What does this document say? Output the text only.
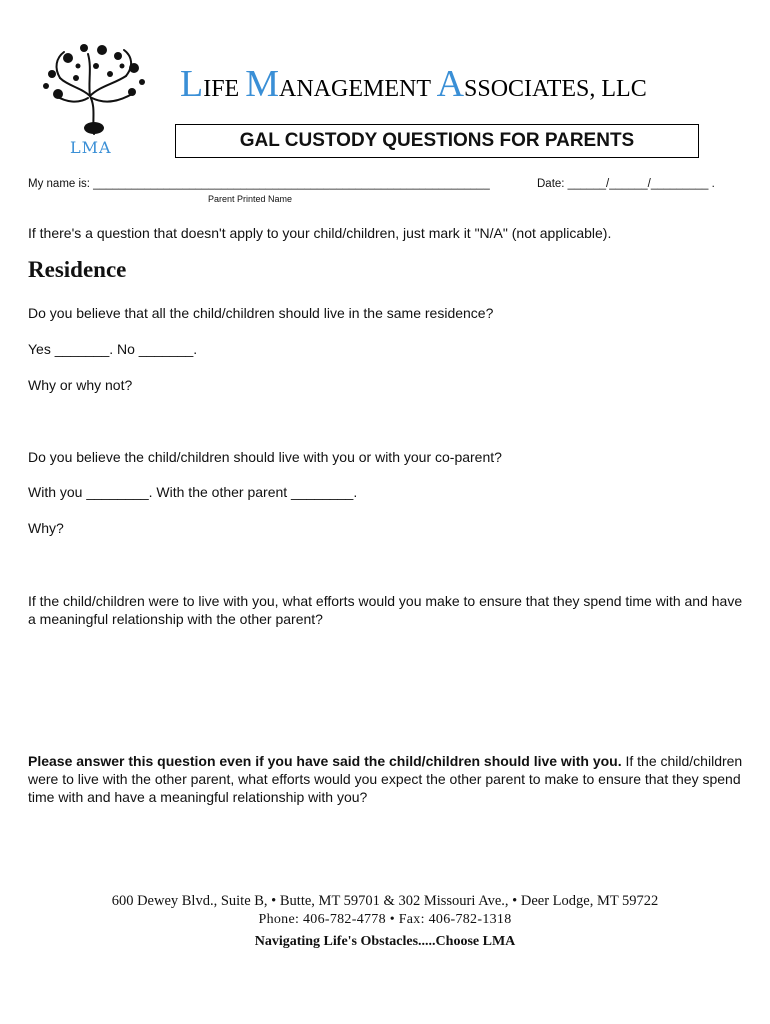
LMA
LIFE MANAGEMENT ASSOCIATES, LLC
GAL CUSTODY QUESTIONS FOR PARENTS
My name is: ______________________________________________________________
Parent Printed Name
Date: ______/______/_________ .
If there's a question that doesn't apply to your child/children, just mark it "N/A" (not applicable).
Residence
Do you believe that all the child/children should live in the same residence?
Yes _______. No _______.
Why or why not?
Do you believe the child/children should live with you or with your co-parent?
With you ________. With the other parent ________.
Why?
If the child/children were to live with you, what efforts would you make to ensure that they spend time with and have a meaningful relationship with the other parent?
Please answer this question even if you have said the child/children should live with you. If the child/children were to live with the other parent, what efforts would you expect the other parent to make to ensure that they spend time with and have a meaningful relationship with you?
600 Dewey Blvd., Suite B, • Butte, MT 59701 & 302 Missouri Ave., • Deer Lodge, MT 59722
Phone: 406-782-4778 • Fax: 406-782-1318
Navigating Life's Obstacles.....Choose LMA
